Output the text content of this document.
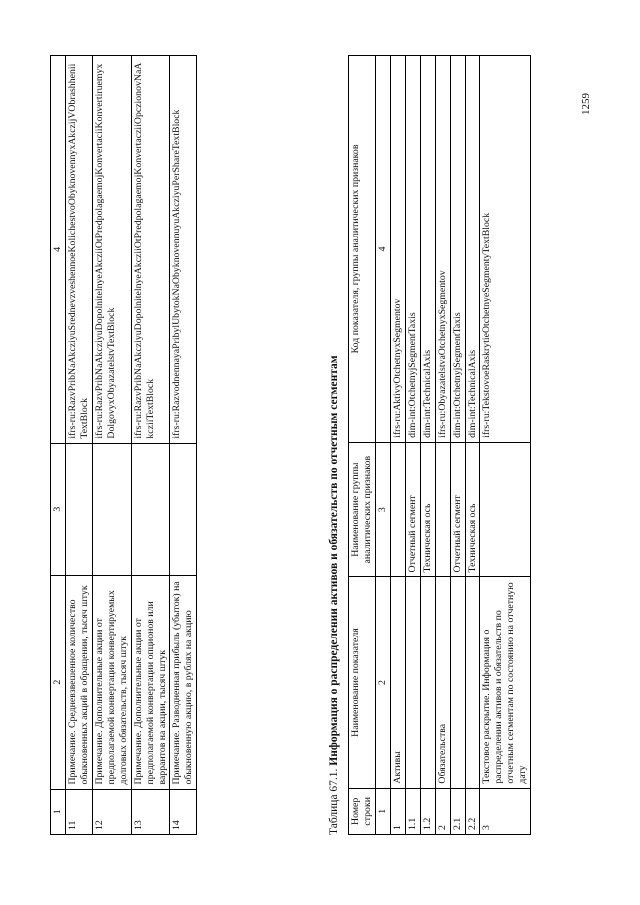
1259
1	2	3	4
11	Примечание. Средневзвешенное количество обыкновенных акций в обращении, тысяч штук		ifrs-ru:RazvPribNaAkcziyuSrednevzveshennoeKolichestvoObyknovennyxAkczijVObrashheniiTextBlock
12	Примечание. Дополнительные акции от предполагаемой конвертации конвертируемых долговых обязательств, тысяч штук		ifrs-ru:RazvPribNaAkcziyuDopolnitelnyeAkcziiOtPredpolagaemojKonvertaciiKonvertiruemyxDolgovyxObyazatelstvTextBlock
13	Примечание. Дополнительные акции от предполагаемой конвертации опционов или варрантов на акции, тысяч штук		ifrs-ru:RazvPribNaAkcziyuDopolnitelnyeAkcziiOtPredpolagaemojKonvertacziiOpczionovNaAkcziiTextBlock
14	Примечание. Разводненная прибыль (убыток) на обыкновенную акцию, в рублях на акцию		ifrs-ru:RazvodnennayaPribylUbytokNaObyknovennuyuAkcziyuPerShareTextBlock
Таблица 67.1. Информация о распределении активов и обязательств по отчетным сегментам
Номер строки	Наименование показателя	Наименование группы аналитических признаков	Код показателя, группы аналитических признаков
1	2	3	4
1	Активы		ifrs-ru:AktivyOtchetnyxSegmentov
1.1		Отчетный сегмент	dim-int:OtchetnyjSegmentTaxis
1.2		Техническая ось	dim-int:TechnicalAxis
2	Обязательства		ifrs-ru:ObyazatelstvaOtchetnyxSegmentov
2.1		Отчетный сегмент	dim-int:OtchetnyjSegmentTaxis
2.2		Техническая ось	dim-int:TechnicalAxis
3	Текстовое раскрытие. Информация о распределении активов и обязательств по отчетным сегментам по состоянию на отчетную дату		ifrs-ru:TekstovoeRaskrytieOtchetnyeSegmentyTextBlock
